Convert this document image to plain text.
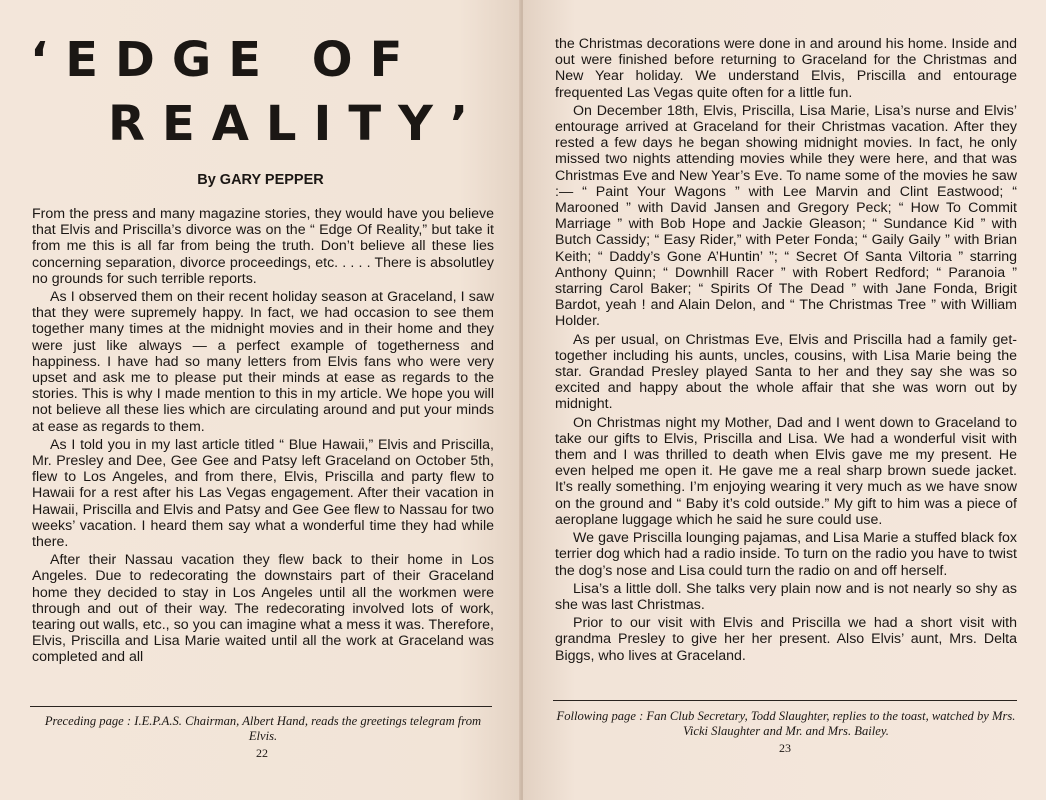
‘EDGE OF
REALITY’

By GARY PEPPER

From the press and many magazine stories, they would have you believe that Elvis and Priscilla’s divorce was on the “ Edge Of Reality,” but take it from me this is all far from being the truth. Don’t believe all these lies concerning separation, divorce proceedings, etc. . . . . There is absolutley no grounds for such terrible reports.

As I observed them on their recent holiday season at Graceland, I saw that they were supremely happy. In fact, we had occasion to see them together many times at the midnight movies and in their home and they were just like always — a perfect example of togetherness and happiness. I have had so many letters from Elvis fans who were very upset and ask me to please put their minds at ease as regards to the stories. This is why I made mention to this in my article. We hope you will not believe all these lies which are circulating around and put your minds at ease as regards to them.

As I told you in my last article titled “ Blue Hawaii,” Elvis and Priscilla, Mr. Presley and Dee, Gee Gee and Patsy left Graceland on October 5th, flew to Los Angeles, and from there, Elvis, Priscilla and party flew to Hawaii for a rest after his Las Vegas engagement. After their vacation in Hawaii, Priscilla and Elvis and Patsy and Gee Gee flew to Nassau for two weeks’ vacation. I heard them say what a wonderful time they had while there.

After their Nassau vacation they flew back to their home in Los Angeles. Due to redecorating the downstairs part of their Graceland home they decided to stay in Los Angeles until all the workmen were through and out of their way. The redecorating involved lots of work, tearing out walls, etc., so you can imagine what a mess it was. Therefore, Elvis, Priscilla and Lisa Marie waited until all the work at Graceland was completed and all

Preceding page : I.E.P.A.S. Chairman, Albert Hand, reads the greetings telegram from Elvis.

22

the Christmas decorations were done in and around his home. Inside and out were finished before returning to Graceland for the Christmas and New Year holiday. We understand Elvis, Priscilla and entourage frequented Las Vegas quite often for a little fun.

On December 18th, Elvis, Priscilla, Lisa Marie, Lisa’s nurse and Elvis’ entourage arrived at Graceland for their Christmas vacation. After they rested a few days he began showing midnight movies. In fact, he only missed two nights attending movies while they were here, and that was Christmas Eve and New Year’s Eve. To name some of the movies he saw :— “ Paint Your Wagons ” with Lee Marvin and Clint Eastwood; “ Marooned ” with David Jansen and Gregory Peck; “ How To Commit Marriage ” with Bob Hope and Jackie Gleason; “ Sundance Kid ” with Butch Cassidy; “ Easy Rider,” with Peter Fonda; “ Gaily Gaily ” with Brian Keith; “ Daddy’s Gone A’Huntin’ ”; “ Secret Of Santa Viltoria ” starring Anthony Quinn; “ Downhill Racer ” with Robert Redford; “ Paranoia ” starring Carol Baker; “ Spirits Of The Dead ” with Jane Fonda, Brigit Bardot, yeah ! and Alain Delon, and “ The Christmas Tree ” with William Holder.

As per usual, on Christmas Eve, Elvis and Priscilla had a family get-together including his aunts, uncles, cousins, with Lisa Marie being the star. Grandad Presley played Santa to her and they say she was so excited and happy about the whole affair that she was worn out by midnight.

On Christmas night my Mother, Dad and I went down to Graceland to take our gifts to Elvis, Priscilla and Lisa. We had a wonderful visit with them and I was thrilled to death when Elvis gave me my present. He even helped me open it. He gave me a real sharp brown suede jacket. It’s really something. I’m enjoying wearing it very much as we have snow on the ground and “ Baby it’s cold outside.” My gift to him was a piece of aeroplane luggage which he said he sure could use.

We gave Priscilla lounging pajamas, and Lisa Marie a stuffed black fox terrier dog which had a radio inside. To turn on the radio you have to twist the dog’s nose and Lisa could turn the radio on and off herself.

Lisa’s a little doll. She talks very plain now and is not nearly so shy as she was last Christmas.

Prior to our visit with Elvis and Priscilla we had a short visit with grandma Presley to give her her present. Also Elvis’ aunt, Mrs. Delta Biggs, who lives at Graceland.

Following page : Fan Club Secretary, Todd Slaughter, replies to the toast, watched by Mrs. Vicki Slaughter and Mr. and Mrs. Bailey.

23
